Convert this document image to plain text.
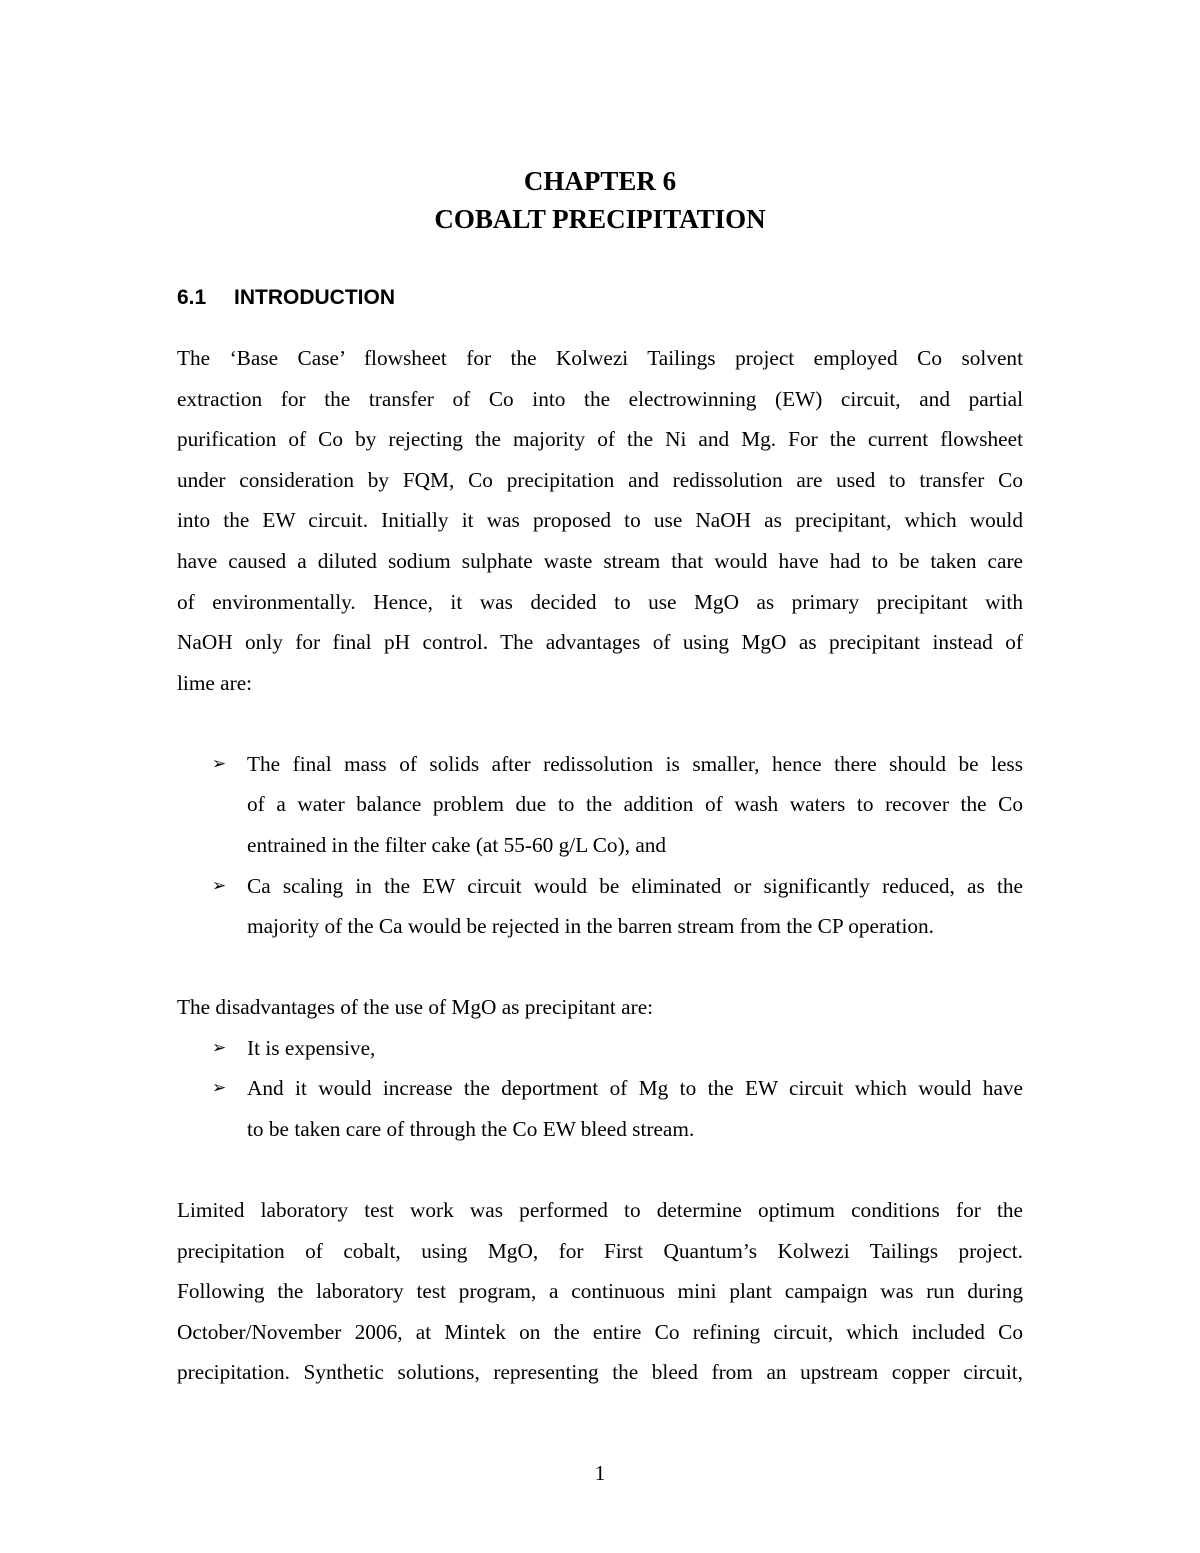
CHAPTER 6
COBALT PRECIPITATION
6.1 INTRODUCTION
The ‘Base Case’ flowsheet for the Kolwezi Tailings project employed Co solvent
extraction for the transfer of Co into the electrowinning (EW) circuit, and partial
purification of Co by rejecting the majority of the Ni and Mg. For the current flowsheet
under consideration by FQM, Co precipitation and redissolution are used to transfer Co
into the EW circuit. Initially it was proposed to use NaOH as precipitant, which would
have caused a diluted sodium sulphate waste stream that would have had to be taken care
of environmentally. Hence, it was decided to use MgO as primary precipitant with
NaOH only for final pH control. The advantages of using MgO as precipitant instead of
lime are:
➢ The final mass of solids after redissolution is smaller, hence there should be less
of a water balance problem due to the addition of wash waters to recover the Co
entrained in the filter cake (at 55-60 g/L Co), and
➢ Ca scaling in the EW circuit would be eliminated or significantly reduced, as the
majority of the Ca would be rejected in the barren stream from the CP operation.
The disadvantages of the use of MgO as precipitant are:
➢ It is expensive,
➢ And it would increase the deportment of Mg to the EW circuit which would have
to be taken care of through the Co EW bleed stream.
Limited laboratory test work was performed to determine optimum conditions for the
precipitation of cobalt, using MgO, for First Quantum’s Kolwezi Tailings project.
Following the laboratory test program, a continuous mini plant campaign was run during
October/November 2006, at Mintek on the entire Co refining circuit, which included Co
precipitation. Synthetic solutions, representing the bleed from an upstream copper circuit,
1
